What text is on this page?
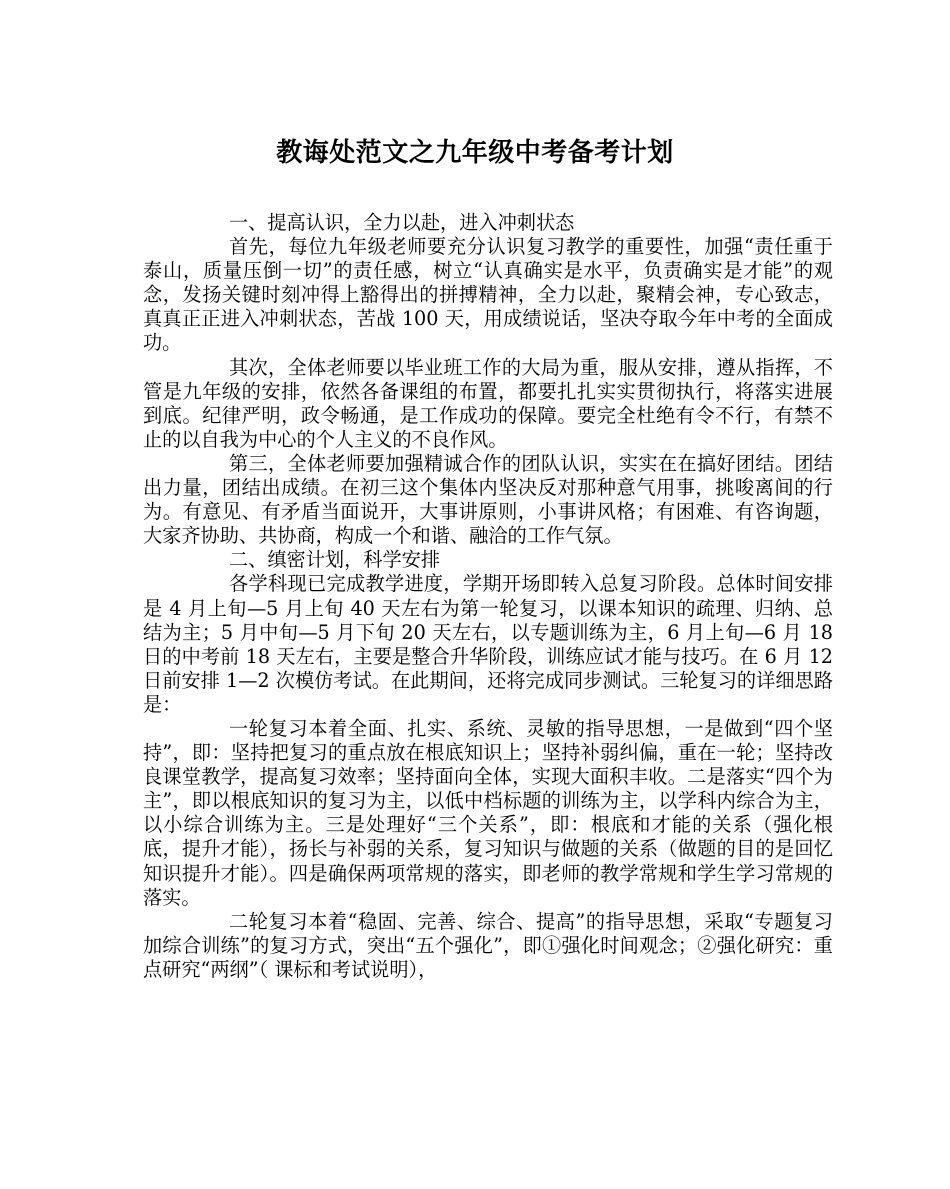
教诲处范文之九年级中考备考计划

一、提高认识，全力以赴，进入冲刺状态

首先，每位九年级老师要充分认识复习教学的重要性，加强“责任重于泰山，质量压倒一切”的责任感，树立“认真确实是水平，负责确实是才能”的观念，发扬关键时刻冲得上豁得出的拼搏精神，全力以赴，聚精会神，专心致志，真真正正进入冲刺状态，苦战 100 天，用成绩说话，坚决夺取今年中考的全面成功。

其次，全体老师要以毕业班工作的大局为重，服从安排，遵从指挥，不管是九年级的安排，依然各备课组的布置，都要扎扎实实贯彻执行，将落实进展到底。纪律严明，政令畅通，是工作成功的保障。要完全杜绝有令不行，有禁不止的以自我为中心的个人主义的不良作风。

第三，全体老师要加强精诚合作的团队认识，实实在在搞好团结。团结出力量，团结出成绩。在初三这个集体内坚决反对那种意气用事，挑唆离间的行为。有意见、有矛盾当面说开，大事讲原则，小事讲风格；有困难、有咨询题，大家齐协助、共协商，构成一个和谐、融洽的工作气氛。

二、缜密计划，科学安排

各学科现已完成教学进度，学期开场即转入总复习阶段。总体时间安排是 4 月上旬—5 月上旬 40 天左右为第一轮复习，以课本知识的疏理、归纳、总结为主；5 月中旬—5 月下旬 20 天左右，以专题训练为主，6 月上旬—6 月 18 日的中考前 18 天左右，主要是整合升华阶段，训练应试才能与技巧。在 6 月 12 日前安排 1—2 次模仿考试。在此期间，还将完成同步测试。三轮复习的详细思路是：

一轮复习本着全面、扎实、系统、灵敏的指导思想，一是做到“四个坚持”，即：坚持把复习的重点放在根底知识上；坚持补弱纠偏，重在一轮；坚持改良课堂教学，提高复习效率；坚持面向全体，实现大面积丰收。二是落实“四个为主”，即以根底知识的复习为主，以低中档标题的训练为主，以学科内综合为主，以小综合训练为主。三是处理好“三个关系”，即：根底和才能的关系（强化根底，提升才能），扬长与补弱的关系，复习知识与做题的关系（做题的目的是回忆知识提升才能）。四是确保两项常规的落实，即老师的教学常规和学生学习常规的落实。

二轮复习本着“稳固、完善、综合、提高”的指导思想，采取“专题复习加综合训练”的复习方式，突出“五个强化”，即①强化时间观念；②强化研究：重点研究“两纲”（ 课标和考试说明），
